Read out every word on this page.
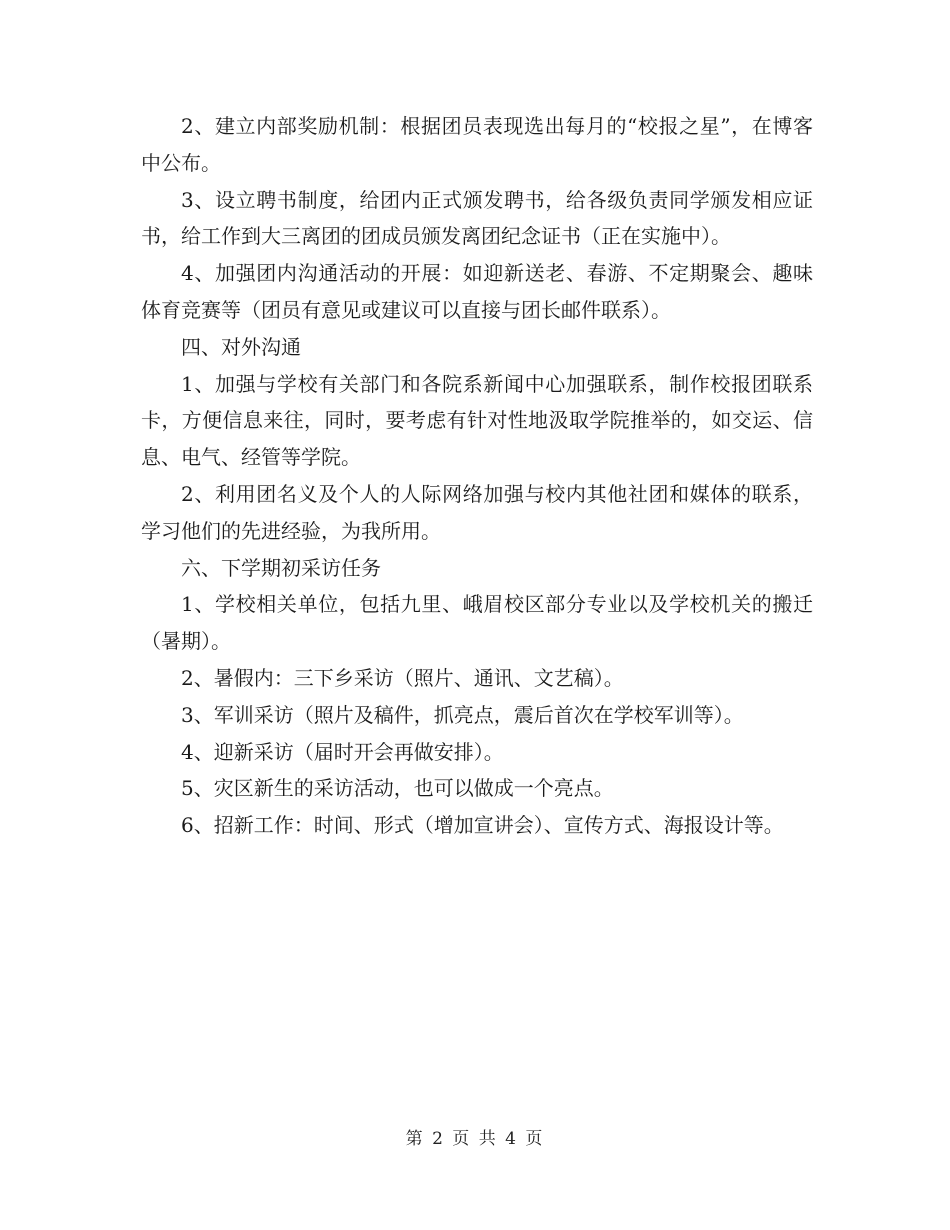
2、建立内部奖励机制：根据团员表现选出每月的“校报之星”，在博客中公布。

3、设立聘书制度，给团内正式颁发聘书，给各级负责同学颁发相应证书，给工作到大三离团的团成员颁发离团纪念证书（正在实施中）。

4、加强团内沟通活动的开展：如迎新送老、春游、不定期聚会、趣味体育竞赛等（团员有意见或建议可以直接与团长邮件联系）。

四、对外沟通

1、加强与学校有关部门和各院系新闻中心加强联系，制作校报团联系卡，方便信息来往，同时，要考虑有针对性地汲取学院推举的，如交运、信息、电气、经管等学院。

2、利用团名义及个人的人际网络加强与校内其他社团和媒体的联系，学习他们的先进经验，为我所用。

六、下学期初采访任务

1、学校相关单位，包括九里、峨眉校区部分专业以及学校机关的搬迁（暑期）。

2、暑假内：三下乡采访（照片、通讯、文艺稿）。

3、军训采访（照片及稿件，抓亮点，震后首次在学校军训等）。

4、迎新采访（届时开会再做安排）。

5、灾区新生的采访活动，也可以做成一个亮点。

6、招新工作：时间、形式（增加宣讲会）、宣传方式、海报设计等。

第 2 页 共 4 页
